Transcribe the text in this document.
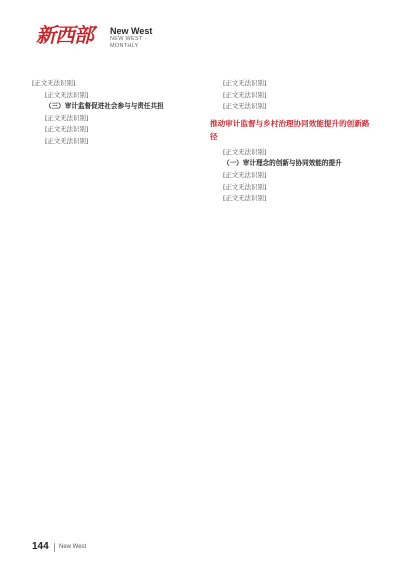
新西部 New West
NEW WEST · MONTHLY

[正文无法识别]

[正文无法识别]

（三）审计监督促进社会参与与责任共担

[正文无法识别]

[正文无法识别]

[正文无法识别]

[正文无法识别]

[正文无法识别]

[正文无法识别]

推动审计监督与乡村治理协同效能提升的创新路径

[正文无法识别]

（一）审计理念的创新与协同效能的提升

[正文无法识别]

[正文无法识别]

[正文无法识别]

144 New West
